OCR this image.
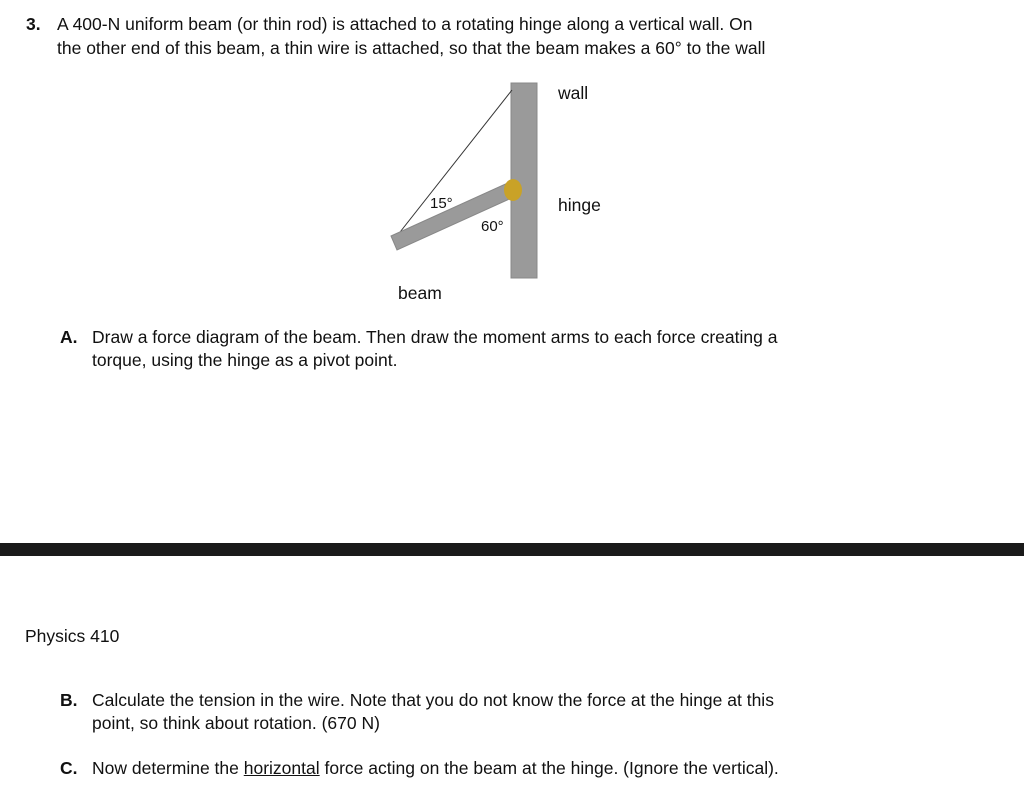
3. A 400-N uniform beam (or thin rod) is attached to a rotating hinge along a vertical wall. On
the other end of this beam, a thin wire is attached, so that the beam makes a 60° to the wall
wall
hinge
15°
60°
beam
A. Draw a force diagram of the beam. Then draw the moment arms to each force creating a
torque, using the hinge as a pivot point.
Physics 410
B. Calculate the tension in the wire. Note that you do not know the force at the hinge at this
point, so think about rotation. (670 N)
C. Now determine the horizontal force acting on the beam at the hinge. (Ignore the vertical).
